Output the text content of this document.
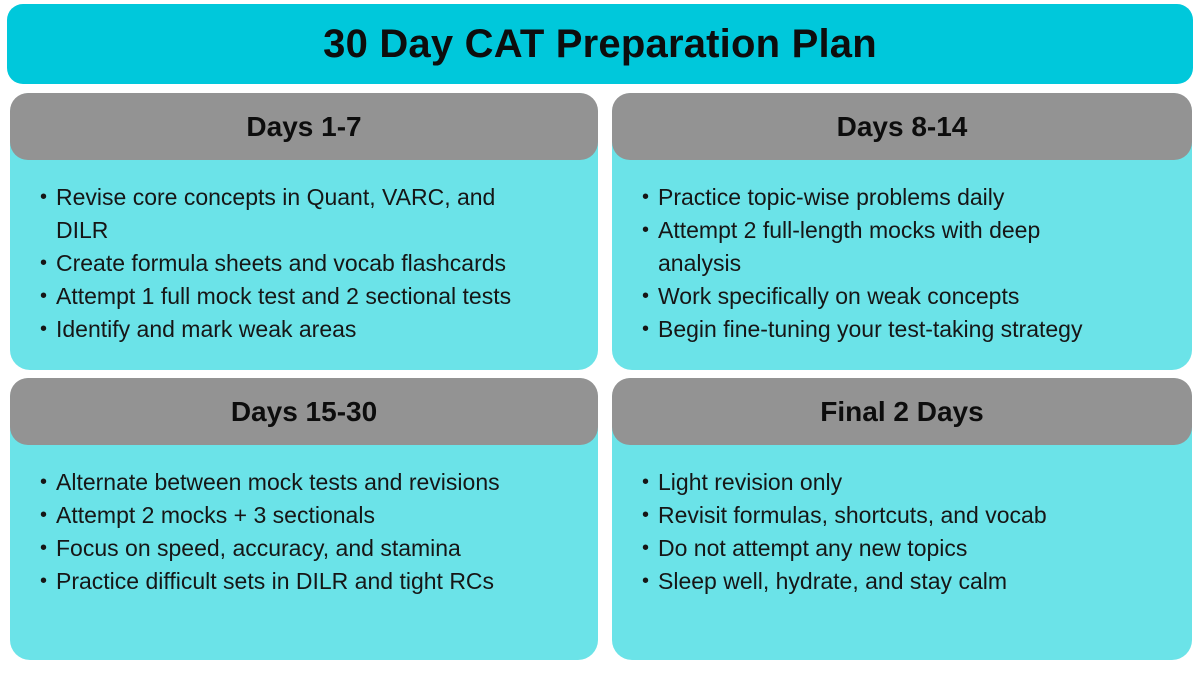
30 Day CAT Preparation Plan
Days 1-7
• Revise core concepts in Quant, VARC, and DILR
• Create formula sheets and vocab flashcards
• Attempt 1 full mock test and 2 sectional tests
• Identify and mark weak areas
Days 8-14
• Practice topic-wise problems daily
• Attempt 2 full-length mocks with deep analysis
• Work specifically on weak concepts
• Begin fine-tuning your test-taking strategy
Days 15-30
• Alternate between mock tests and revisions
• Attempt 2 mocks + 3 sectionals
• Focus on speed, accuracy, and stamina
• Practice difficult sets in DILR and tight RCs
Final 2 Days
• Light revision only
• Revisit formulas, shortcuts, and vocab
• Do not attempt any new topics
• Sleep well, hydrate, and stay calm
